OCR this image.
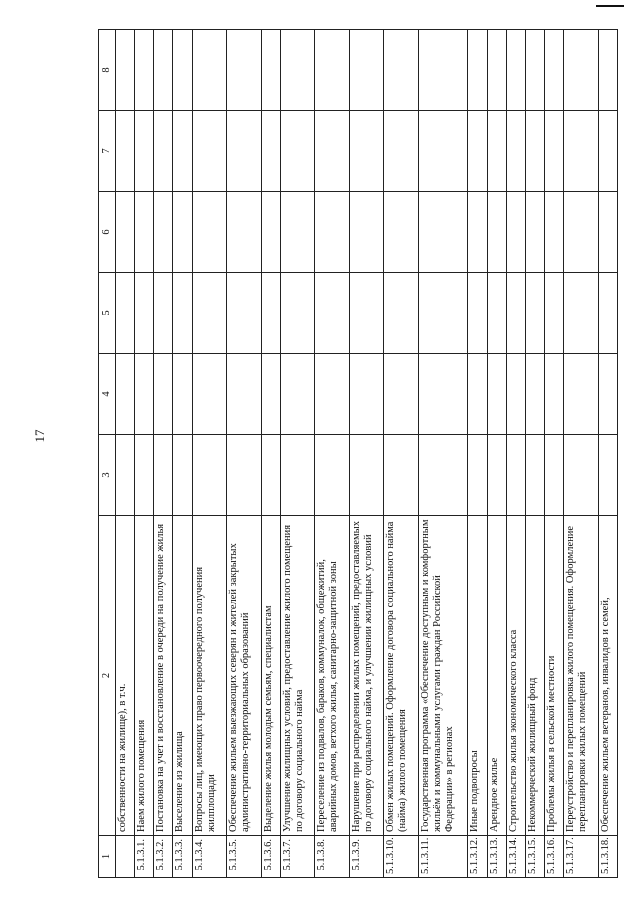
17
1	2	3	4	5	6	7	8
	собственности на жилище), в т.ч.						
5.1.3.1.	Наем жилого помещения						
5.1.3.2.	Постановка на учет и восстановление в очереди на получение жилья						
5.1.3.3.	Выселение из жилища						
5.1.3.4.	Вопросы лиц, имеющих право первоочередного получения жилплощади						
5.1.3.5.	Обеспечение жильем выезжающих северян и жителей закрытых административно-территориальных образований						
5.1.3.6.	Выделение жилья молодым семьям, специалистам						
5.1.3.7.	Улучшение жилищных условий, предоставление жилого помещения по договору социального найма						
5.1.3.8.	Переселение из подвалов, бараков, коммуналок, общежитий, аварийных домов, ветхого жилья, санитарно-защитной зоны						
5.1.3.9.	Нарушение при распределении жилых помещений, предоставляемых по договору социального найма, и улучшении жилищных условий						
5.1.3.10.	Обмен жилых помещений. Оформление договора социального найма (найма) жилого помещения						
5.1.3.11.	Государственная программа «Обеспечение доступным и комфортным жильём и коммунальными услугами граждан Российской Федерации» в регионах						
5.1.3.12.	Иные подвопросы						
5.1.3.13.	Арендное жилье						
5.1.3.14.	Строительство жилья экономического класса						
5.1.3.15.	Некоммерческий жилищный фонд						
5.1.3.16.	Проблемы жилья в сельской местности						
5.1.3.17.	Переустройство и перепланировка жилого помещения. Оформление перепланировки жилых помещений						
5.1.3.18.	Обеспечение жильем ветеранов, инвалидов и семей,						
